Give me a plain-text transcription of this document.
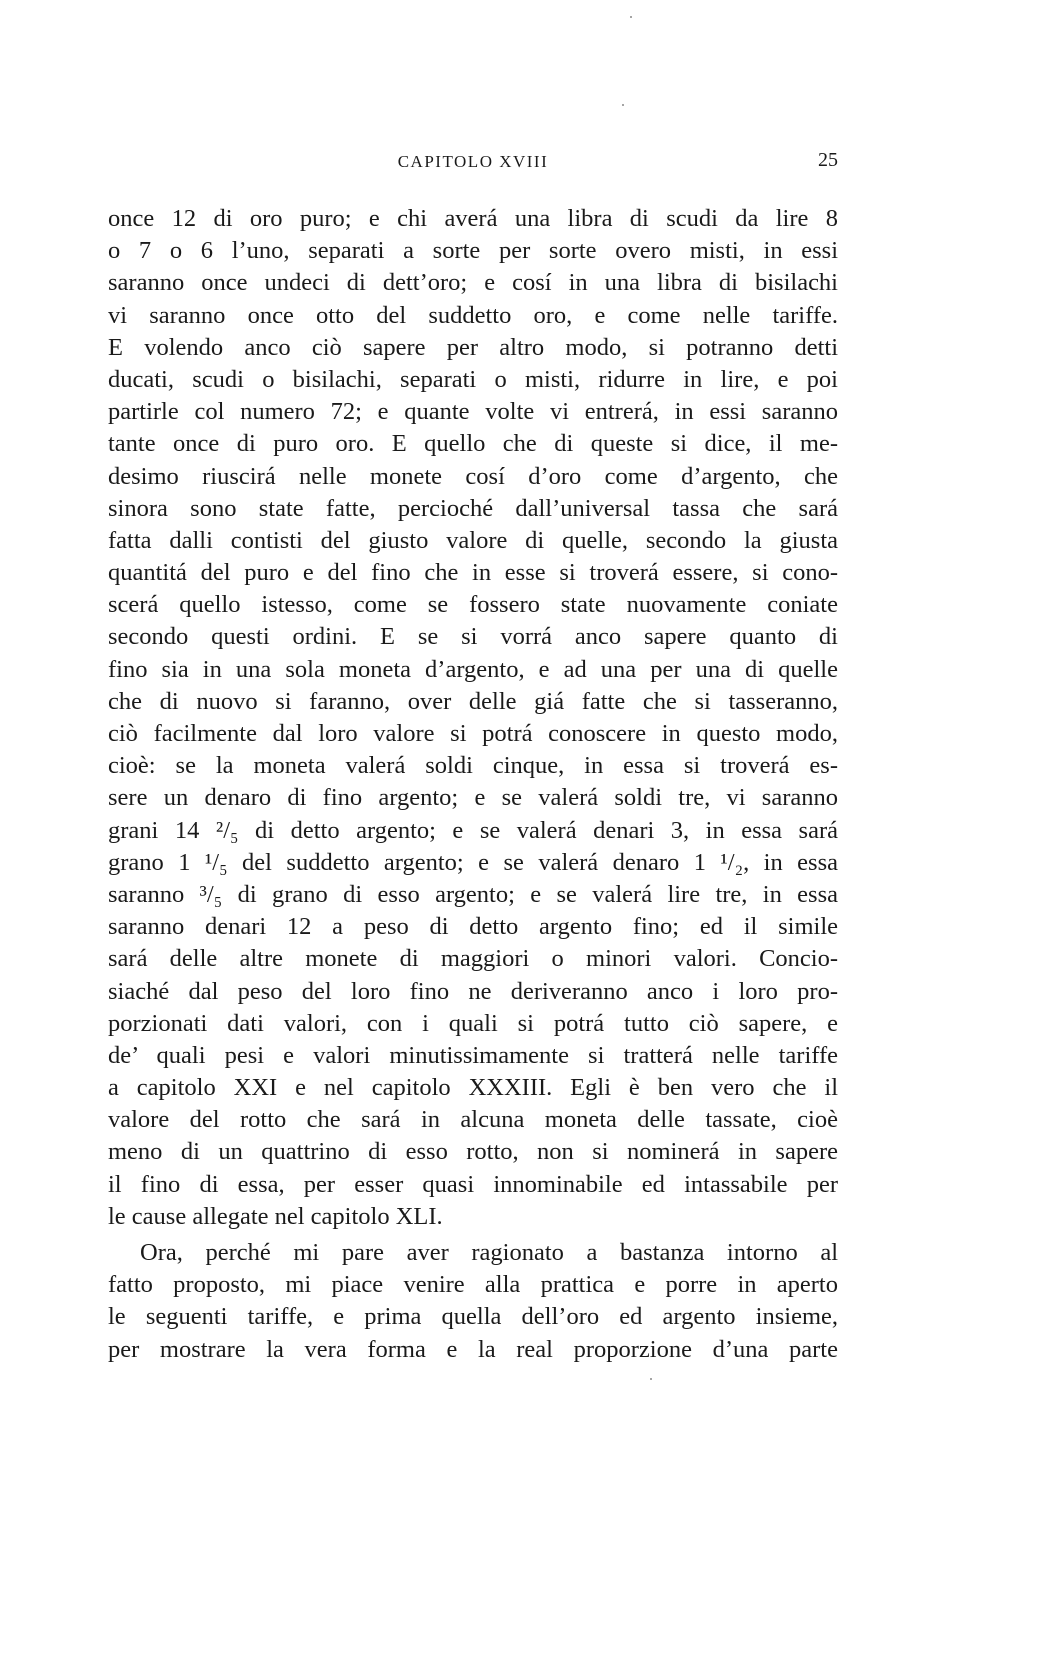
CAPITOLO XVIII	25
once 12 di oro puro; e chi averá una libra di scudi da lire 8
o 7 o 6 l’uno, separati a sorte per sorte overo misti, in essi
saranno once undeci di dett’oro; e cosí in una libra di bisilachi
vi saranno once otto del suddetto oro, e come nelle tariffe.
E volendo anco ciò sapere per altro modo, si potranno detti
ducati, scudi o bisilachi, separati o misti, ridurre in lire, e poi
partirle col numero 72; e quante volte vi entrerá, in essi saranno
tante once di puro oro. E quello che di queste si dice, il me-
desimo riuscirá nelle monete cosí d’oro come d’argento, che
sinora sono state fatte, percioché dall’universal tassa che sará
fatta dalli contisti del giusto valore di quelle, secondo la giusta
quantitá del puro e del fino che in esse si troverá essere, si cono-
scerá quello istesso, come se fossero state nuovamente coniate
secondo questi ordini. E se si vorrá anco sapere quanto di
fino sia in una sola moneta d’argento, e ad una per una di quelle
che di nuovo si faranno, over delle giá fatte che si tasseranno,
ciò facilmente dal loro valore si potrá conoscere in questo modo,
cioè: se la moneta valerá soldi cinque, in essa si troverá es-
sere un denaro di fino argento; e se valerá soldi tre, vi saranno
grani 14 ²/₅ di detto argento; e se valerá denari 3, in essa sará
grano 1 ¹/₅ del suddetto argento; e se valerá denaro 1 ¹/₂, in essa
saranno ³/₅ di grano di esso argento; e se valerá lire tre, in essa
saranno denari 12 a peso di detto argento fino; ed il simile
sará delle altre monete di maggiori o minori valori. Concio-
siaché dal peso del loro fino ne deriveranno anco i loro pro-
porzionati dati valori, con i quali si potrá tutto ciò sapere, e
de’ quali pesi e valori minutissimamente si tratterá nelle tariffe
a capitolo XXI e nel capitolo XXXIII. Egli è ben vero che il
valore del rotto che sará in alcuna moneta delle tassate, cioè
meno di un quattrino di esso rotto, non si nominerá in sapere
il fino di essa, per esser quasi innominabile ed intassabile per
le cause allegate nel capitolo XLI.
Ora, perché mi pare aver ragionato a bastanza intorno al
fatto proposto, mi piace venire alla prattica e porre in aperto
le seguenti tariffe, e prima quella dell’oro ed argento insieme,
per mostrare la vera forma e la real proporzione d’una parte
